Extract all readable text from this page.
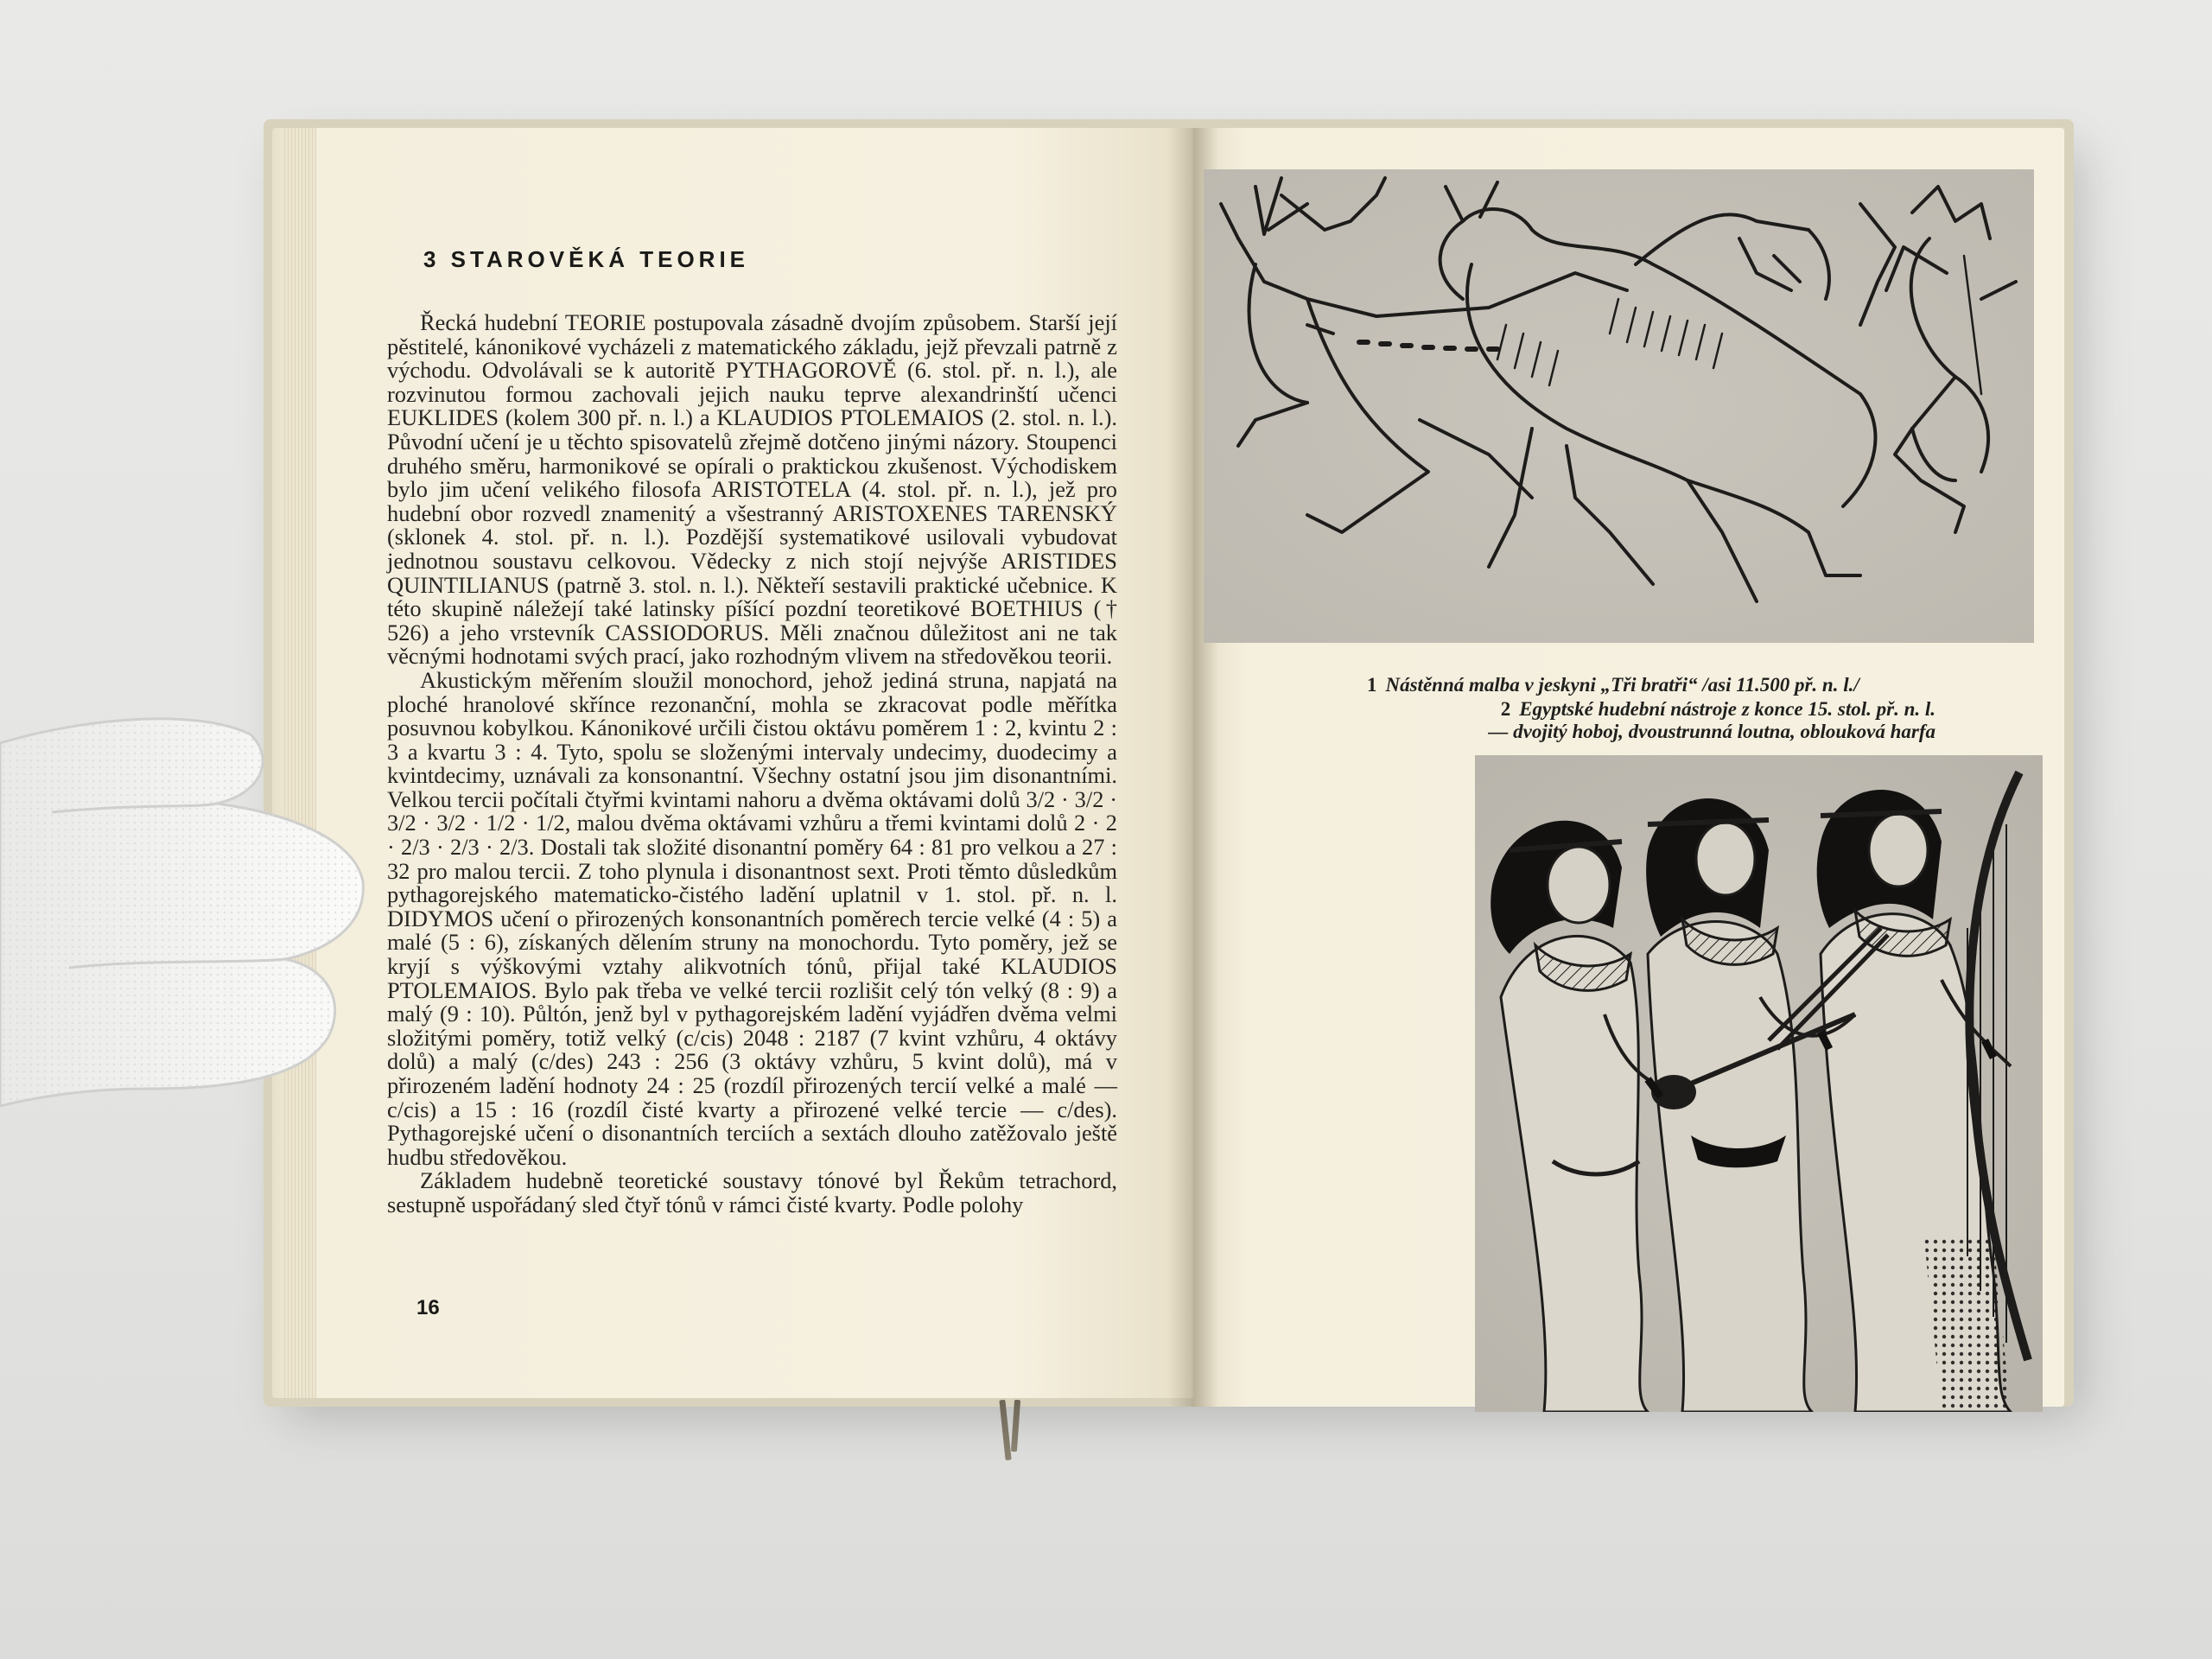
3 STAROVĚKÁ TEORIE

Řecká hudební TEORIE postupovala zásadně dvojím způsobem. Starší její pěstitelé, kánonikové vycházeli z matematického základu, jejž převzali patrně z východu. Odvolávali se k autoritě PYTHAGOROVĚ (6. stol. př. n. l.), ale rozvinutou formou zachovali jejich nauku teprve alexandrinští učenci EUKLIDES (kolem 300 př. n. l.) a KLAUDIOS PTOLEMAIOS (2. stol. n. l.). Původní učení je u těchto spisovatelů zřejmě dotčeno jinými názory. Stoupenci druhého směru, harmonikové se opírali o praktickou zkušenost. Východiskem bylo jim učení velikého filosofa ARISTOTELA (4. stol. př. n. l.), jež pro hudební obor rozvedl znamenitý a všestranný ARISTOXENES TARENSKÝ (sklonek 4. stol. př. n. l.). Pozdější systematikové usilovali vybudovat jednotnou soustavu celkovou. Vědecky z nich stojí nejvýše ARISTIDES QUINTILIANUS (patrně 3. stol. n. l.). Někteří sestavili praktické učebnice. K této skupině náležejí také latinsky píšící pozdní teoretikové BOETHIUS († 526) a jeho vrstevník CASSIODORUS. Měli značnou důležitost ani ne tak věcnými hodnotami svých prací, jako rozhodným vlivem na středověkou teorii.

Akustickým měřením sloužil monochord, jehož jediná struna, napjatá na ploché hranolové skřínce rezonanční, mohla se zkracovat podle měřítka posuvnou kobylkou. Kánonikové určili čistou oktávu poměrem 1 : 2, kvintu 2 : 3 a kvartu 3 : 4. Tyto, spolu se složenými intervaly undecimy, duodecimy a kvintdecimy, uznávali za konsonantní. Všechny ostatní jsou jim disonantními. Velkou tercii počítali čtyřmi kvintami nahoru a dvěma oktávami dolů 3/2 · 3/2 · 3/2 · 3/2 · 1/2 · 1/2, malou dvěma oktávami vzhůru a třemi kvintami dolů 2 · 2 · 2/3 · 2/3 · 2/3. Dostali tak složité disonantní poměry 64 : 81 pro velkou a 27 : 32 pro malou tercii. Z toho plynula i disonantnost sext. Proti těmto důsledkům pythagorejského matematicko-čistého ladění uplatnil v 1. stol. př. n. l. DIDYMOS učení o přirozených konsonantních poměrech tercie velké (4 : 5) a malé (5 : 6), získaných dělením struny na monochordu. Tyto poměry, jež se kryjí s výškovými vztahy alikvotních tónů, přijal také KLAUDIOS PTOLEMAIOS. Bylo pak třeba ve velké tercii rozlišit celý tón velký (8 : 9) a malý (9 : 10). Půltón, jenž byl v pythagorejském ladění vyjádřen dvěma velmi složitými poměry, totiž velký (c/cis) 2048 : 2187 (7 kvint vzhůru, 4 oktávy dolů) a malý (c/des) 243 : 256 (3 oktávy vzhůru, 5 kvint dolů), má v přirozeném ladění hodnoty 24 : 25 (rozdíl přirozených tercií velké a malé — c/cis) a 15 : 16 (rozdíl čisté kvarty a přirozené velké tercie — c/des). Pythagorejské učení o disonantních terciích a sextách dlouho zatěžovalo ještě hudbu středověkou.

Základem hudebně teoretické soustavy tónové byl Řekům tetrachord, sestupně uspořádaný sled čtyř tónů v rámci čisté kvarty. Podle polohy

16
1 Nástěnná malba v jeskyni „Tři bratři“ /asi 11.500 př. n. l./
2 Egyptské hudební nástroje z konce 15. stol. př. n. l.
— dvojitý hoboj, dvoustrunná loutna, oblouková harfa
